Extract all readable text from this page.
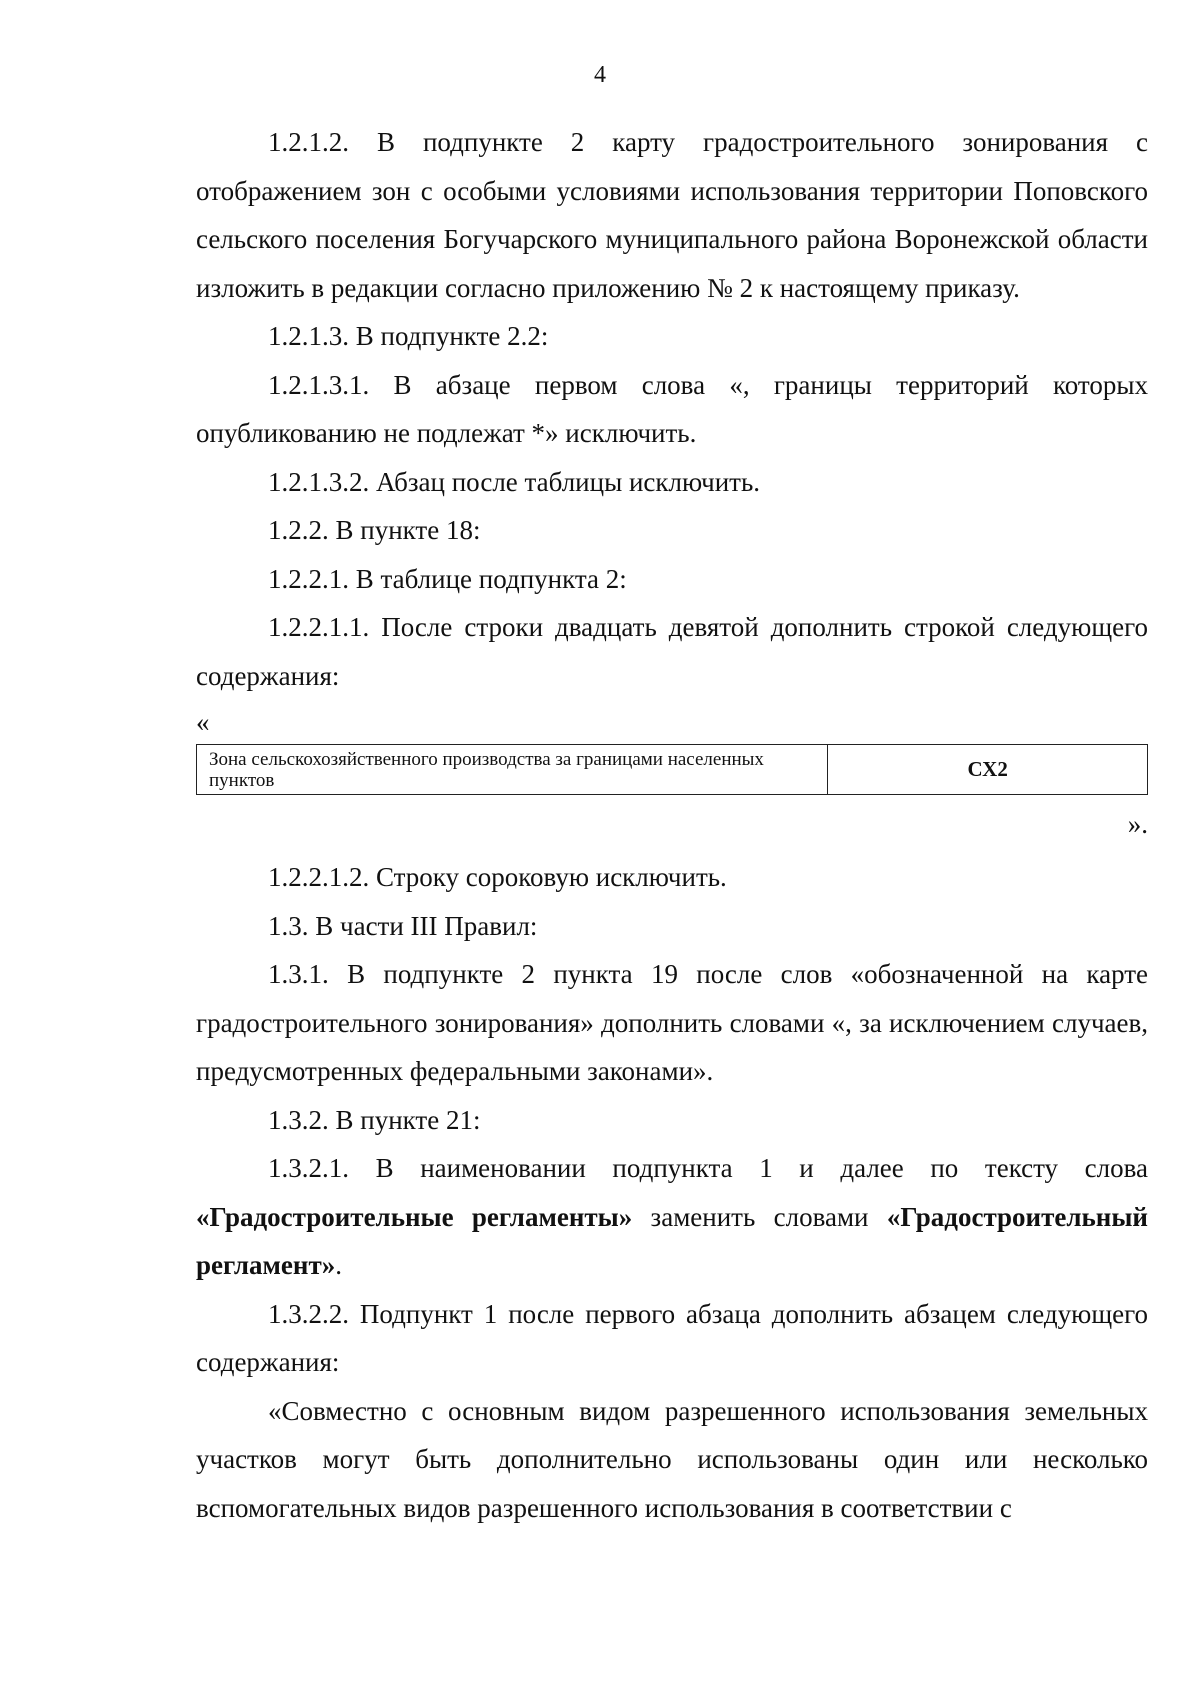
4

1.2.1.2. В подпункте 2 карту градостроительного зонирования с отображением зон с особыми условиями использования территории Поповского сельского поселения Богучарского муниципального района Воронежской области изложить в редакции согласно приложению № 2 к настоящему приказу.

1.2.1.3. В подпункте 2.2:

1.2.1.3.1. В абзаце первом слова «, границы территорий которых опубликованию не подлежат *» исключить.

1.2.1.3.2. Абзац после таблицы исключить.

1.2.2. В пункте 18:

1.2.2.1. В таблице подпункта 2:

1.2.2.1.1. После строки двадцать девятой дополнить строкой следующего содержания:

«

Зона сельскохозяйственного производства за границами населенных пунктов	СХ2

».

1.2.2.1.2. Строку сороковую исключить.

1.3. В части III Правил:

1.3.1. В подпункте 2 пункта 19 после слов «обозначенной на карте градостроительного зонирования» дополнить словами «, за исключением случаев, предусмотренных федеральными законами».

1.3.2. В пункте 21:

1.3.2.1. В наименовании подпункта 1 и далее по тексту слова «Градостроительные регламенты» заменить словами «Градостроительный регламент».

1.3.2.2. Подпункт 1 после первого абзаца дополнить абзацем следующего содержания:

«Совместно с основным видом разрешенного использования земельных участков могут быть дополнительно использованы один или несколько вспомогательных видов разрешенного использования в соответствии с
